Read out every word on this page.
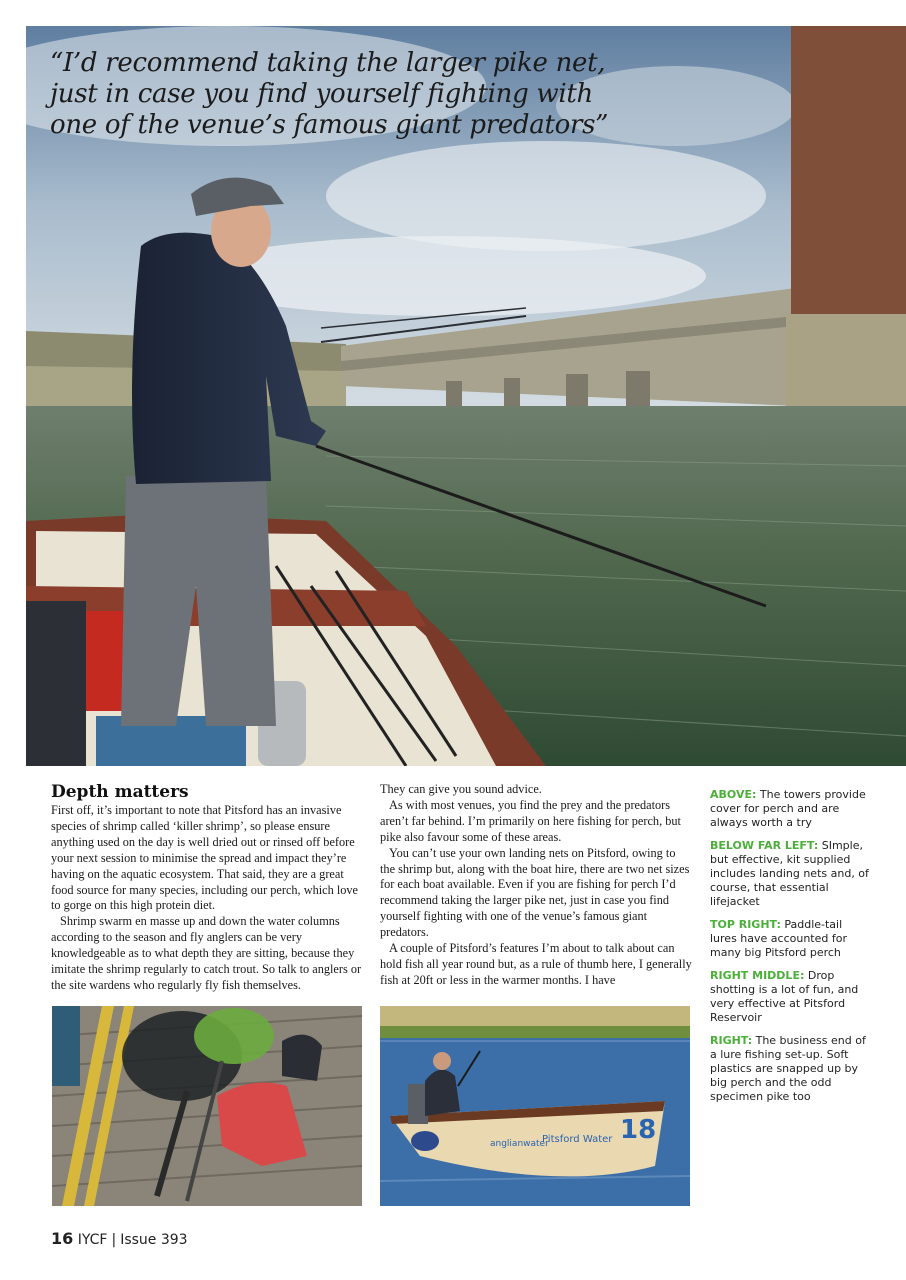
“I’d recommend taking the larger pike net, just in case you find yourself fighting with one of the venue’s famous giant predators”

Depth matters

First off, it’s important to note that Pitsford has an invasive species of shrimp called ‘killer shrimp’, so please ensure anything used on the day is well dried out or rinsed off before your next session to minimise the spread and impact they’re having on the aquatic ecosystem. That said, they are a great food source for many species, including our perch, which love to gorge on this high protein diet.

Shrimp swarm en masse up and down the water columns according to the season and fly anglers can be very knowledgeable as to what depth they are sitting, because they imitate the shrimp regularly to catch trout. So talk to anglers or the site wardens who regularly fly fish themselves.

They can give you sound advice.

As with most venues, you find the prey and the predators aren’t far behind. I’m primarily on here fishing for perch, but pike also favour some of these areas.

You can’t use your own landing nets on Pitsford, owing to the shrimp but, along with the boat hire, there are two net sizes for each boat available. Even if you are fishing for perch I’d recommend taking the larger pike net, just in case you find yourself fighting with one of the venue’s famous giant predators.

A couple of Pitsford’s features I’m about to talk about can hold fish all year round but, as a rule of thumb here, I generally fish at 20ft or less in the warmer months. I have

ABOVE: The towers provide cover for perch and are always worth a try

BELOW FAR LEFT: SImple, but effective, kit supplied includes landing nets and, of course, that essential lifejacket

TOP RIGHT: Paddle-tail lures have accounted for many big Pitsford perch

RIGHT MIDDLE: Drop shotting is a lot of fun, and very effective at Pitsford Reservoir

RIGHT: The business end of a lure fishing set-up. Soft plastics are snapped up by big perch and the odd specimen pike too

18
anglianwater
Pitsford Water
16 IYCF | Issue 393
